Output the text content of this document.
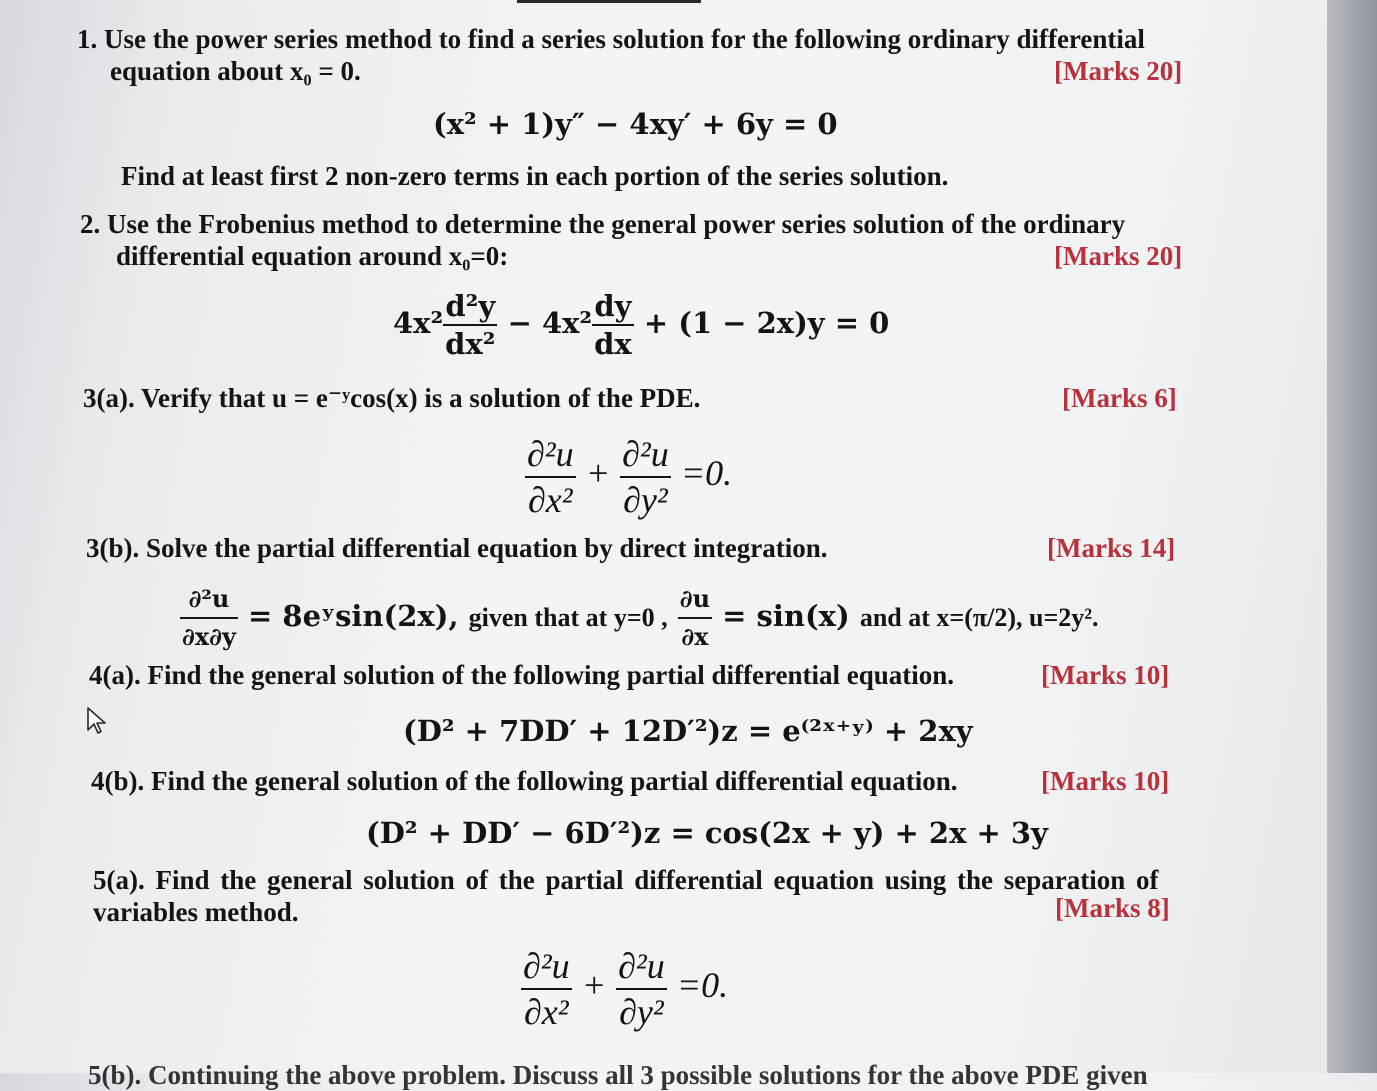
1. Use the power series method to find a series solution for the following ordinary differential
equation about x₀ = 0.	[Marks 20]
(x² + 1)y″ − 4xy′ + 6y = 0
Find at least first 2 non-zero terms in each portion of the series solution.
2. Use the Frobenius method to determine the general power series solution of the ordinary
differential equation around x₀=0:	[Marks 20]
$4x^2 \frac{\text{d²y}}{\text{dx²}} - 4x^2 \frac{dy}{dx} + (1 - 2x)y = 0$
3(a). Verify that u = e⁻ʸcos(x) is a solution of the PDE.	[Marks 6]
$\frac{\text{∂²u}}{\text{∂x²}} + \frac{\text{∂²u}}{\text{∂y²}} =0$.
3(b). Solve the partial differential equation by direct integration.	[Marks 14]
$\frac{\text{∂²u}}{\partial x\partial y}$ = 8eʸsin(2x), given that at y=0 , $\frac{\partial u}{\partial x} = \sin(x)$ and at x=(π/2), u=2y².
4(a). Find the general solution of the following partial differential equation.	[Marks 10]
(D² + 7DD′ + 12D′²)z = e⁽²ˣ⁺ʸ⁾ + 2xy
4(b). Find the general solution of the following partial differential equation.	[Marks 10]
(D² + DD′ − 6D′²)z = cos(2x + y) + 2x + 3y
5(a). Find the general solution of the partial differential equation using the separation of
variables method.	[Marks 8]
$\frac{\text{∂²u}}{\text{∂x²}} + \frac{\text{∂²u}}{\text{∂y²}} =0$.
5(b). Continuing the above problem. Discuss all 3 possible solutions for the above PDE given
